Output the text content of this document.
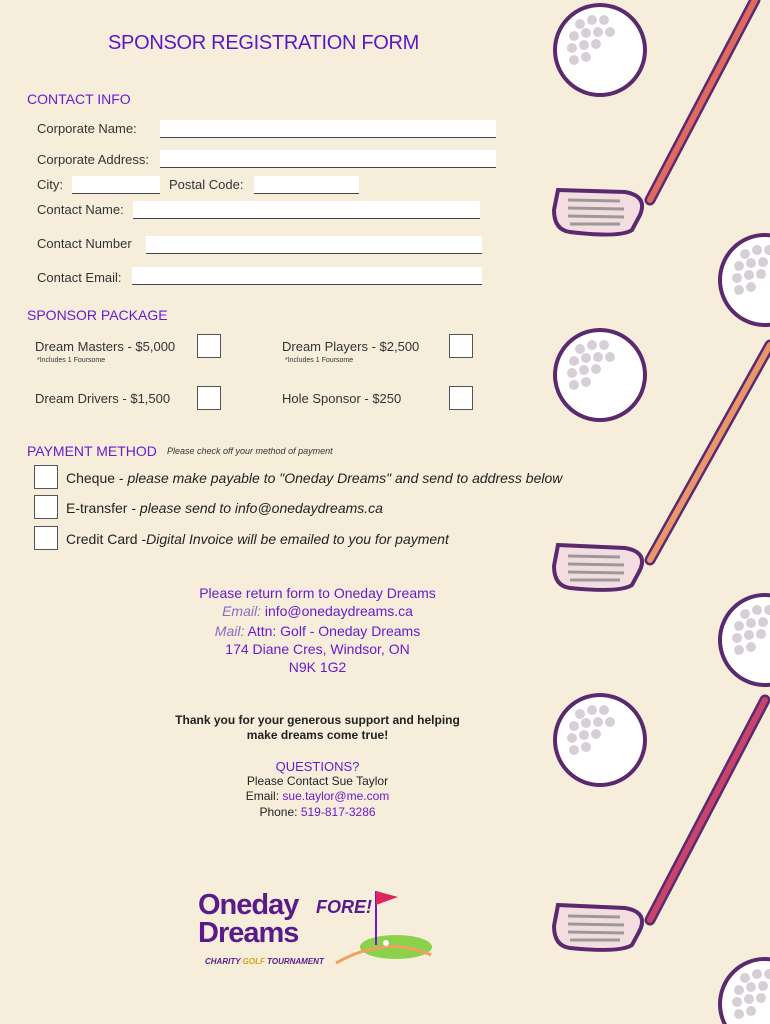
SPONSOR REGISTRATION FORM
CONTACT INFO
Corporate Name:
Corporate Address:
City:	Postal Code:
Contact Name:
Contact Number
Contact Email:
SPONSOR PACKAGE
Dream Masters - $5,000
*Includes 1 Foursome
Dream Players - $2,500
*Includes 1 Foursome
Dream Drivers - $1,500	Hole Sponsor - $250
PAYMENT METHOD Please check off your method of payment
Cheque - please make payable to "Oneday Dreams" and send to address below
E-transfer - please send to info@onedaydreams.ca
Credit Card -Digital Invoice will be emailed to you for payment
Please return form to Oneday Dreams
Email: info@onedaydreams.ca
Mail: Attn: Golf - Oneday Dreams
174 Diane Cres, Windsor, ON
N9K 1G2
Thank you for your generous support and helping
make dreams come true!
QUESTIONS?
Please Contact Sue Taylor
Email: sue.taylor@me.com
Phone: 519-817-3286
Oneday FORE!
Dreams
CHARITY GOLF TOURNAMENT
